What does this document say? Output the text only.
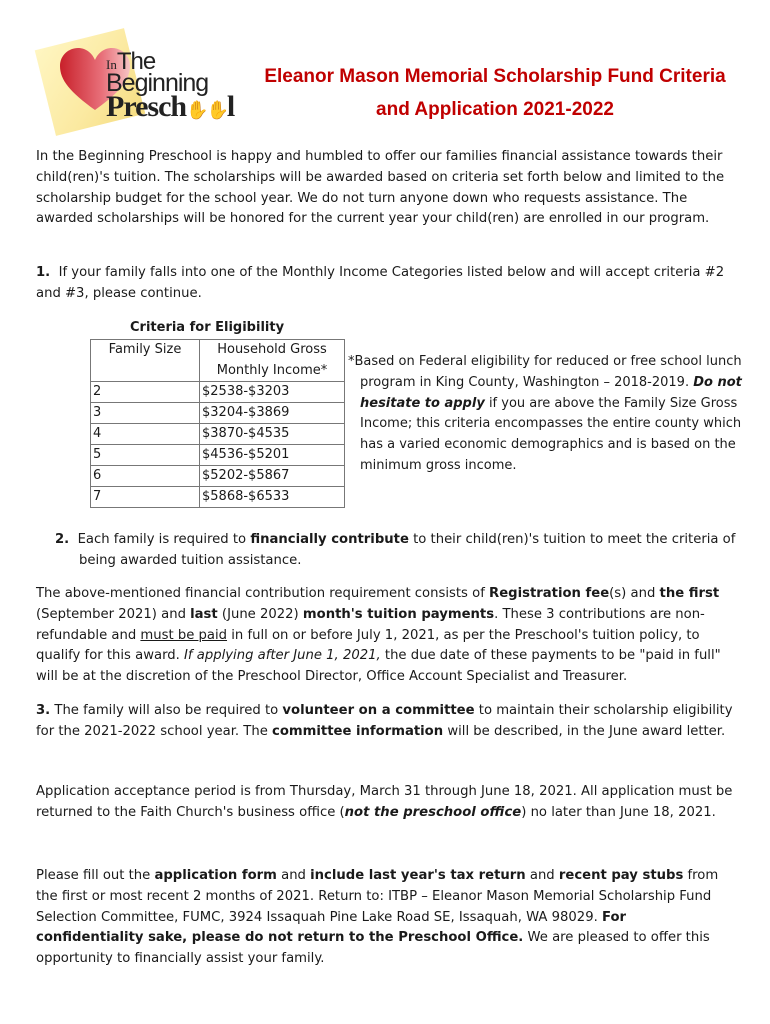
InThe
Beginning
Presch✋✋l
Eleanor Mason Memorial Scholarship Fund Criteria
and Application 2021-2022
In the Beginning Preschool is happy and humbled to offer our families financial assistance towards their child(ren)'s tuition. The scholarships will be awarded based on criteria set forth below and limited to the scholarship budget for the school year. We do not turn anyone down who requests assistance. The awarded scholarships will be honored for the current year your child(ren) are enrolled in our program.
1. If your family falls into one of the Monthly Income Categories listed below and will accept criteria #2 and #3, please continue.
Criteria for Eligibility
Family Size	Household Gross Monthly Income*
2	$2538-$3203
3	$3204-$3869
4	$3870-$4535
5	$4536-$5201
6	$5202-$5867
7	$5868-$6533
*Based on Federal eligibility for reduced or free school lunch program in King County, Washington – 2018-2019. Do not hesitate to apply if you are above the Family Size Gross Income; this criteria encompasses the entire county which has a varied economic demographics and is based on the minimum gross income.
2. Each family is required to financially contribute to their child(ren)'s tuition to meet the criteria of being awarded tuition assistance.
The above-mentioned financial contribution requirement consists of Registration fee(s) and the first (September 2021) and last (June 2022) month's tuition payments. These 3 contributions are non-refundable and must be paid in full on or before July 1, 2021, as per the Preschool's tuition policy, to qualify for this award. If applying after June 1, 2021, the due date of these payments to be "paid in full" will be at the discretion of the Preschool Director, Office Account Specialist and Treasurer.
3. The family will also be required to volunteer on a committee to maintain their scholarship eligibility for the 2021-2022 school year. The committee information will be described, in the June award letter.
Application acceptance period is from Thursday, March 31 through June 18, 2021. All application must be returned to the Faith Church's business office (not the preschool office) no later than June 18, 2021.
Please fill out the application form and include last year's tax return and recent pay stubs from the first or most recent 2 months of 2021. Return to: ITBP – Eleanor Mason Memorial Scholarship Fund Selection Committee, FUMC, 3924 Issaquah Pine Lake Road SE, Issaquah, WA 98029. For confidentiality sake, please do not return to the Preschool Office. We are pleased to offer this opportunity to financially assist your family.
